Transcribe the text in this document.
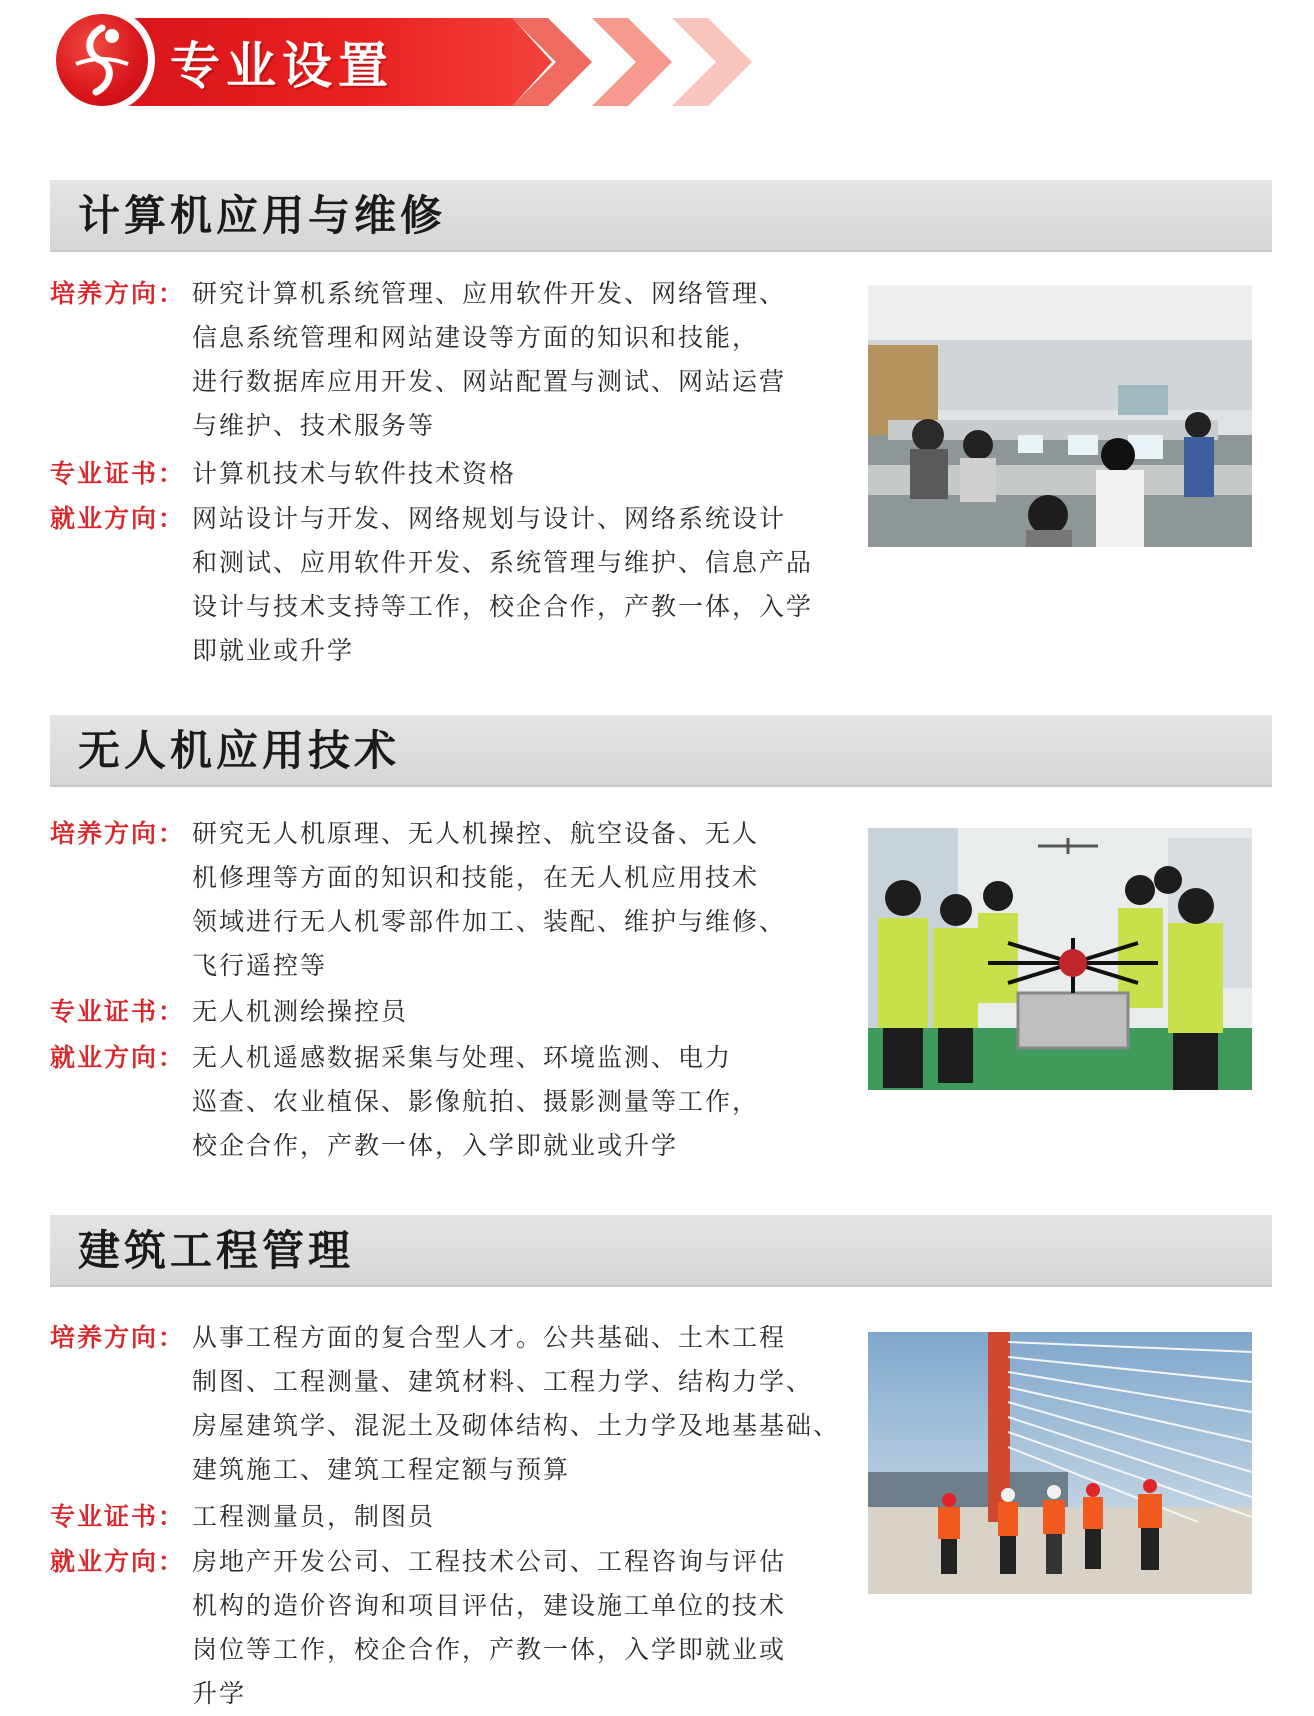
专业设置
计算机应用与维修
培养方向： 研究计算机系统管理、应用软件开发、网络管理、
信息系统管理和网站建设等方面的知识和技能，
进行数据库应用开发、网站配置与测试、网站运营
与维护、技术服务等
专业证书： 计算机技术与软件技术资格
就业方向： 网站设计与开发、网络规划与设计、网络系统设计
和测试、应用软件开发、系统管理与维护、信息产品
设计与技术支持等工作，校企合作，产教一体，入学
即就业或升学
无人机应用技术
培养方向： 研究无人机原理、无人机操控、航空设备、无人
机修理等方面的知识和技能，在无人机应用技术
领域进行无人机零部件加工、装配、维护与维修、
飞行遥控等
专业证书： 无人机测绘操控员
就业方向： 无人机遥感数据采集与处理、环境监测、电力
巡查、农业植保、影像航拍、摄影测量等工作，
校企合作，产教一体，入学即就业或升学
建筑工程管理
培养方向： 从事工程方面的复合型人才。公共基础、土木工程
制图、工程测量、建筑材料、工程力学、结构力学、
房屋建筑学、混泥土及砌体结构、土力学及地基基础、
建筑施工、建筑工程定额与预算
专业证书： 工程测量员，制图员
就业方向： 房地产开发公司、工程技术公司、工程咨询与评估
机构的造价咨询和项目评估，建设施工单位的技术
岗位等工作，校企合作，产教一体，入学即就业或
升学
